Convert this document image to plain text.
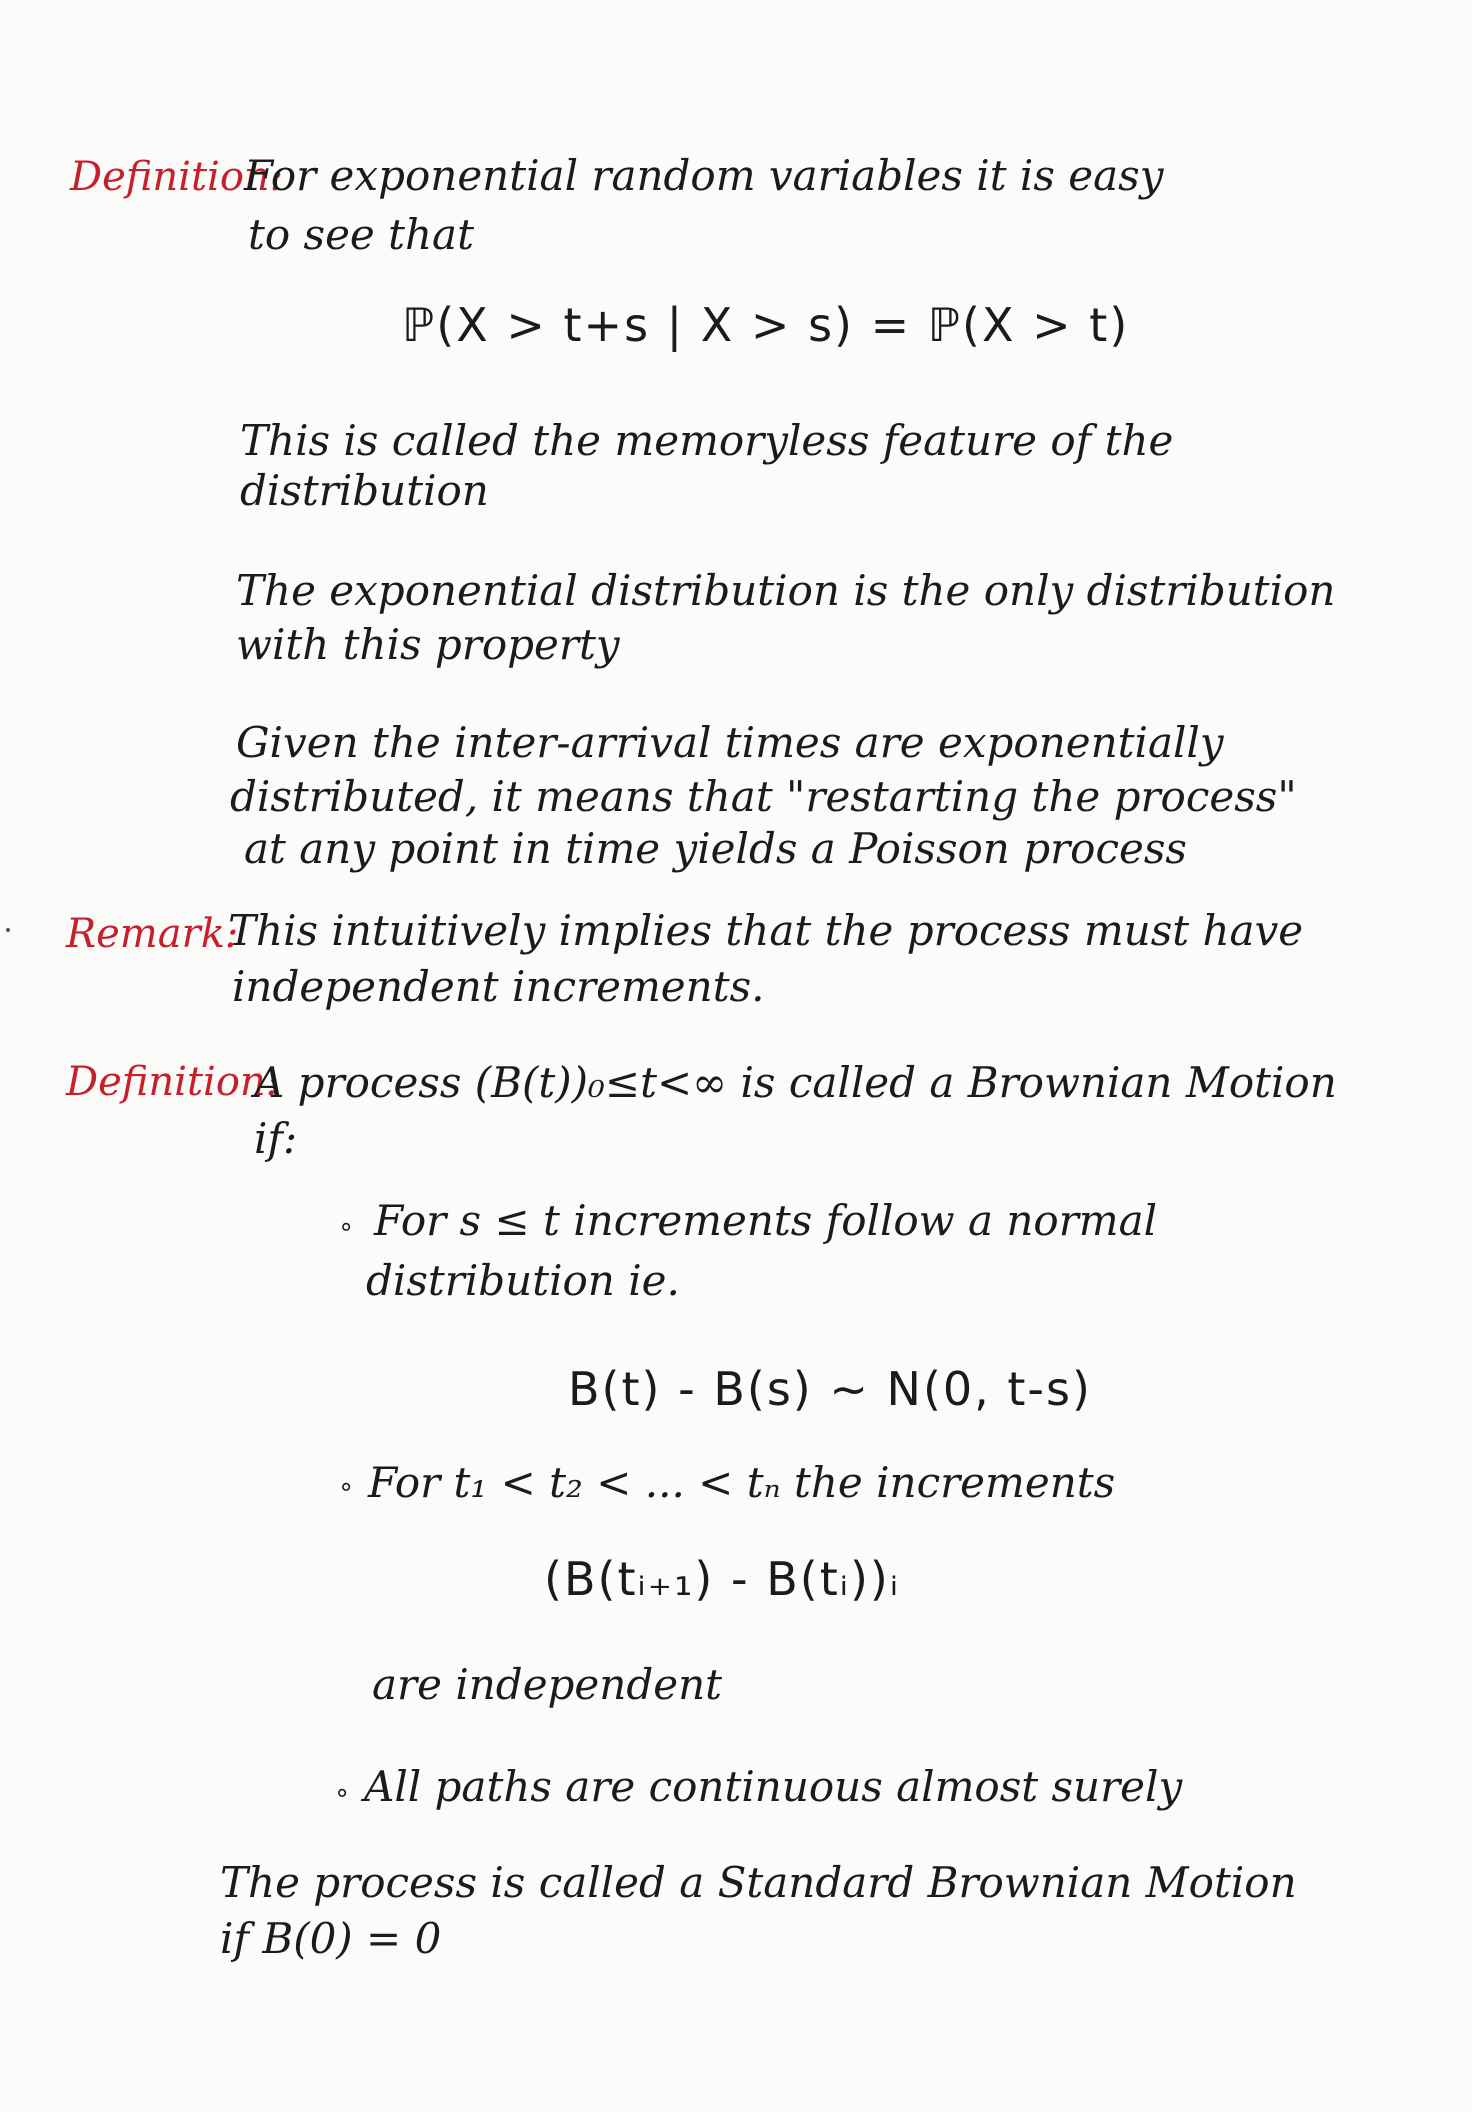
Definition:
For exponential random variables it is easy
to see that
ℙ(X > t+s | X > s) = ℙ(X > t)
This is called the memoryless feature of the
distribution
The exponential distribution is the only distribution
with this property
Given the inter-arrival times are exponentially
distributed, it means that "restarting the process"
at any point in time yields a Poisson process
Remark:
This intuitively implies that the process must have
independent increments.
Definition:
A process (B(t))₀≤t<∞ is called a Brownian Motion
if:
∘ For s ≤ t increments follow a normal
distribution ie.
B(t) - B(s) ~ N(0, t-s)
∘ For t₁ < t₂ < ... < tₙ the increments
(B(tᵢ₊₁) - B(tᵢ))ᵢ
are independent
∘ All paths are continuous almost surely
The process is called a Standard Brownian Motion
if B(0) = 0
